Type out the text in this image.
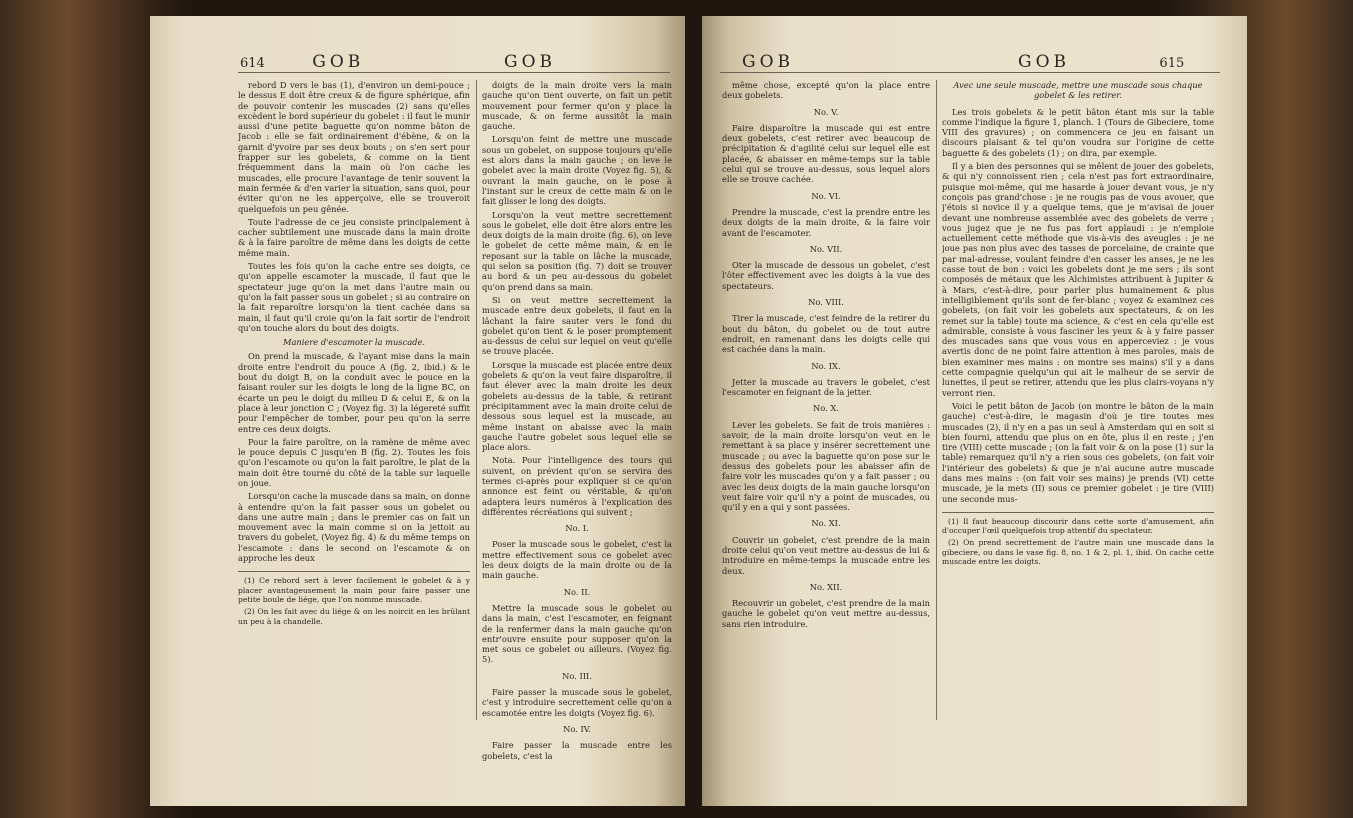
614	GOB	GOB

rebord D vers le bas (1), d'environ un demi-pouce ; le dessus E doit être creux & de figure sphérique, afin de pouvoir contenir les muscades (2) sans qu'elles excèdent le bord supérieur du gobelet : il faut le munir aussi d'une petite baguette qu'on nomme bâton de Jacob : elle se fait ordinairement d'ébène, & on la garnit d'yvoire par ses deux bouts ; on s'en sert pour frapper sur les gobelets, & comme on la tient fréquemment dans la main où l'on cache les muscades, elle procure l'avantage de tenir souvent la main fermée & d'en varier la situation, sans quoi, pour éviter qu'on ne les apperçoive, elle se trouveroit quelquefois un peu gênée.

Toute l'adresse de ce jeu consiste principalement à cacher subtilement une muscade dans la main droite & à la faire paroître de même dans les doigts de cette même main.

Toutes les fois qu'on la cache entre ses doigts, ce qu'on appelle escamoter la muscade, il faut que le spectateur juge qu'on la met dans l'autre main ou qu'on la fait passer sous un gobelet ; si au contraire on la fait reparoître lorsqu'on la tient cachée dans sa main, il faut qu'il croie qu'on la fait sortir de l'endroit qu'on touche alors du bout des doigts.

Maniere d'escamoter la muscade.

On prend la muscade, & l'ayant mise dans la main droite entre l'endroit du pouce A (fig. 2, ibid.) & le bout du doigt B, on la conduit avec le pouce en la faisant rouler sur les doigts le long de la ligne BC, on écarte un peu le doigt du milieu D & celui E, & on la place à leur jonction C ; (Voyez fig. 3) la légereté suffit pour l'empêcher de tomber, pour peu qu'on la serre entre ces deux doigts.

Pour la faire paroître, on la ramène de même avec le pouce depuis C jusqu'en B (fig. 2). Toutes les fois qu'on l'escamote ou qu'on la fait paroître, le plat de la main doit être tourné du côté de la table sur laquelle on joue.

Lorsqu'on cache la muscade dans sa main, on donne à entendre qu'on la fait passer sous un gobelet ou dans une autre main ; dans le premier cas on fait un mouvement avec la main comme si on la jettoit au travers du gobelet, (Voyez fig. 4) & du même temps on l'escamote : dans le second on l'escamote & on approche les deux

(1) Ce rebord sert à lever facilement le gobelet & à y placer avantageusement la main pour faire passer une petite boule de liége, que l'on nomme muscade.

(2) On les fait avec du liége & on les noircit en les brûlant un peu à la chandelle.

doigts de la main droite vers la main gauche qu'on tient ouverte, on fait un petit mouvement pour fermer qu'on y place la muscade, & on ferme aussitôt la main gauche.

Lorsqu'on feint de mettre une muscade sous un gobelet, on suppose toujours qu'elle est alors dans la main gauche ; on leve le gobelet avec la main droite (Voyez fig. 5), & ouvrant la main gauche, on le pose à l'instant sur le creux de cette main & on le fait glisser le long des doigts.

Lorsqu'on la veut mettre secrettement sous le gobelet, elle doit être alors entre les deux doigts de la main droite (fig. 6), on leve le gobelet de cette même main, & en le reposant sur la table on lâche la muscade, qui selon sa position (fig. 7) doit se trouver au bord & un peu au-dessous du gobelet qu'on prend dans sa main.

Si on veut mettre secrettement la muscade entre deux gobelets, il faut en la lâchant la faire sauter vers le fond du gobelet qu'on tient & le poser promptement au-dessus de celui sur lequel on veut qu'elle se trouve placée.

Lorsque la muscade est placée entre deux gobelets & qu'on la veut faire disparoître, il faut élever avec la main droite les deux gobelets au-dessus de la table, & retirant précipitamment avec la main droite celui de dessous sous lequel est la muscade, au même instant on abaisse avec la main gauche l'autre gobelet sous lequel elle se place alors.

Nota. Pour l'intelligence des tours qui suivent, on prévient qu'on se servira des termes ci-après pour expliquer si ce qu'on annonce est feint ou véritable, & qu'on adaptera leurs numéros à l'explication des différentes récréations qui suivent ;

No. I.

Poser la muscade sous le gobelet, c'est la mettre effectivement sous ce gobelet avec les deux doigts de la main droite ou de la main gauche.

No. II.

Mettre la muscade sous le gobelet ou dans la main, c'est l'escamoter, en feignant de la renfermer dans la main gauche qu'on entr'ouvre ensuite pour supposer qu'on la met sous ce gobelet ou ailleurs. (Voyez fig. 5).

No. III.

Faire passer la muscade sous le gobelet, c'est y introduire secrettement celle qu'on a escamotée entre les doigts (Voyez fig. 6).

No. IV.

Faire passer la muscade entre les gobelets, c'est la

GOB	GOB	615

même chose, excepté qu'on la place entre deux gobelets.

No. V.

Faire disparoître la muscade qui est entre deux gobelets, c'est retirer avec beaucoup de précipitation & d'agilité celui sur lequel elle est placée, & abaisser en même-temps sur la table celui qui se trouve au-dessus, sous lequel alors elle se trouve cachée.

No. VI.

Prendre la muscade, c'est la prendre entre les deux doigts de la main droite, & la faire voir avant de l'escamoter.

No. VII.

Oter la muscade de dessous un gobelet, c'est l'ôter effectivement avec les doigts à la vue des spectateurs.

No. VIII.

Tirer la muscade, c'est feindre de la retirer du bout du bâton, du gobelet ou de tout autre endroit, en ramenant dans les doigts celle qui est cachée dans la main.

No. IX.

Jetter la muscade au travers le gobelet, c'est l'escamoter en feignant de la jetter.

No. X.

Lever les gobelets. Se fait de trois manières : savoir, de la main droite lorsqu'on veut en le remettant à sa place y insérer secrettement une muscade ; ou avec la baguette qu'on pose sur le dessus des gobelets pour les abaisser afin de faire voir les muscades qu'on y a fait passer ; ou avec les deux doigts de la main gauche lorsqu'on veut faire voir qu'il n'y a point de muscades, ou qu'il y en a qui y sont passées.

No. XI.

Couvrir un gobelet, c'est prendre de la main droite celui qu'on veut mettre au-dessus de lui & introduire en même-temps la muscade entre les deux.

No. XII.

Recouvrir un gobelet, c'est prendre de la main gauche le gobelet qu'on veut mettre au-dessus, sans rien introduire.

Avec une seule muscade, mettre une muscade sous chaque gobelet & les retirer.

Les trois gobelets & le petit bâton étant mis sur la table comme l'indique la figure 1, planch. 1 (Tours de Gibeciere, tome VIII des gravures) ; on commencera ce jeu en faisant un discours plaisant & tel qu'on voudra sur l'origine de cette baguette & des gobelets (1) ; on dira, par exemple.

Il y a bien des personnes qui se mêlent de jouer des gobelets, & qui n'y connoissent rien ; cela n'est pas fort extraordinaire, puisque moi-même, qui me hasarde à jouer devant vous, je n'y conçois pas grand'chose : je ne rougis pas de vous avouer, que j'étois si novice il y a quelque tems, que je m'avisai de jouer devant une nombreuse assemblée avec des gobelets de verre ; vous jugez que je ne fus pas fort applaudi : je n'emploie actuellement cette méthode que vis-à-vis des aveugles : je ne joue pas non plus avec des tasses de porcelaine, de crainte que par mal-adresse, voulant feindre d'en casser les anses, je ne les casse tout de bon : voici les gobelets dont je me sers ; ils sont composés de métaux que les Alchimistes attribuent à Jupiter & à Mars, c'est-à-dire, pour parler plus humainement & plus intelligiblement qu'ils sont de fer-blanc ; voyez & examinez ces gobelets, (on fait voir les gobelets aux spectateurs, & on les remet sur la table) toute ma science, & c'est en cela qu'elle est admirable, consiste à vous fasciner les yeux & à y faire passer des muscades sans que vous vous en apperceviez : je vous avertis donc de ne point faire attention à mes paroles, mais de bien examiner mes mains : on montre ses mains) s'il y a dans cette compagnie quelqu'un qui ait le malheur de se servir de lunettes, il peut se retirer, attendu que les plus clairs-voyans n'y verront rien.

Voici le petit bâton de Jacob (on montre le bâton de la main gauche) c'est-à-dire, le magasin d'où je tire toutes mes muscades (2), il n'y en a pas un seul à Amsterdam qui en soit si bien fourni, attendu que plus on en ôte, plus il en reste ; j'en tire (VIII) cette muscade ; (on la fait voir & on la pose (1) sur la table) remarquez qu'il n'y a rien sous ces gobelets, (on fait voir l'intérieur des gobelets) & que je n'ai aucune autre muscade dans mes mains : (on fait voir ses mains) je prends (VI) cette muscade, je la mets (II) sous ce premier gobelet : je tire (VIII) une seconde mus-

(1) Il faut beaucoup discourir dans cette sorte d'amusement, afin d'occuper l'œil quelquefois trop attentif du spectateur.

(2) On prend secrettement de l'autre main une muscade dans la gibeciere, ou dans le vase fig. 8, no. 1 & 2, pl. 1, ibid. On cache cette muscade entre les doigts.
